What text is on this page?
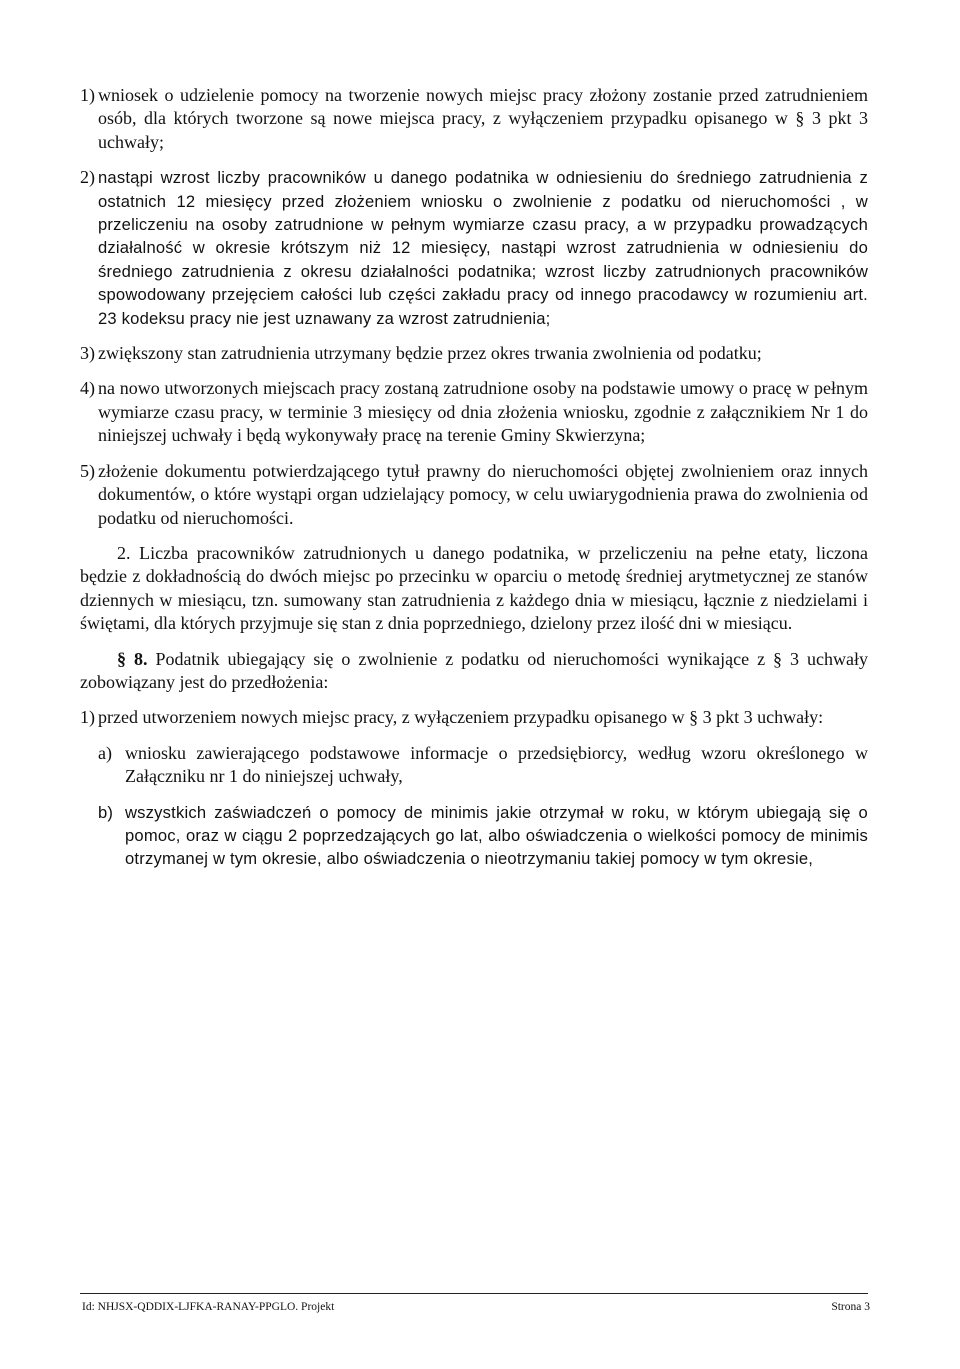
1) wniosek o udzielenie pomocy na tworzenie nowych miejsc pracy złożony zostanie przed zatrudnieniem osób, dla których tworzone są nowe miejsca pracy, z wyłączeniem przypadku opisanego w § 3 pkt 3 uchwały;
2) nastąpi wzrost liczby pracowników u danego podatnika w odniesieniu do średniego zatrudnienia z ostatnich 12 miesięcy przed złożeniem wniosku o zwolnienie z podatku od nieruchomości , w przeliczeniu na osoby zatrudnione w pełnym wymiarze czasu pracy, a w przypadku prowadzących działalność w okresie krótszym niż 12 miesięcy, nastąpi wzrost zatrudnienia w odniesieniu do średniego zatrudnienia z okresu działalności podatnika; wzrost liczby zatrudnionych pracowników spowodowany przejęciem całości lub części zakładu pracy od innego pracodawcy w rozumieniu art. 23 kodeksu pracy nie jest uznawany za wzrost zatrudnienia;
3) zwiększony stan zatrudnienia utrzymany będzie przez okres trwania zwolnienia od podatku;
4) na nowo utworzonych miejscach pracy zostaną zatrudnione osoby na podstawie umowy o pracę w pełnym wymiarze czasu pracy, w terminie 3 miesięcy od dnia złożenia wniosku, zgodnie z załącznikiem Nr 1 do niniejszej uchwały i będą wykonywały pracę na terenie Gminy Skwierzyna;
5) złożenie dokumentu potwierdzającego tytuł prawny do nieruchomości objętej zwolnieniem oraz innych dokumentów, o które wystąpi organ udzielający pomocy, w celu uwiarygodnienia prawa do zwolnienia od podatku od nieruchomości.

2. Liczba pracowników zatrudnionych u danego podatnika, w przeliczeniu na pełne etaty, liczona będzie z dokładnością do dwóch miejsc po przecinku w oparciu o metodę średniej arytmetycznej ze stanów dziennych w miesiącu, tzn. sumowany stan zatrudnienia z każdego dnia w miesiącu, łącznie z niedzielami i świętami, dla których przyjmuje się stan z dnia poprzedniego, dzielony przez ilość dni w miesiącu.

§ 8. Podatnik ubiegający się o zwolnienie z podatku od nieruchomości wynikające z § 3 uchwały zobowiązany jest do przedłożenia:

1) przed utworzeniem nowych miejsc pracy, z wyłączeniem przypadku opisanego w § 3 pkt 3 uchwały:
a) wniosku zawierającego podstawowe informacje o przedsiębiorcy, według wzoru określonego w Załączniku nr 1 do niniejszej uchwały,
b) wszystkich zaświadczeń o pomocy de minimis jakie otrzymał w roku, w którym ubiegają się o pomoc, oraz w ciągu 2 poprzedzających go lat, albo oświadczenia o wielkości pomocy de minimis otrzymanej w tym okresie, albo oświadczenia o nieotrzymaniu takiej pomocy w tym okresie,
Id: NHJSX-QDDIX-LJFKA-RANAY-PPGLO. Projekt	Strona 3
